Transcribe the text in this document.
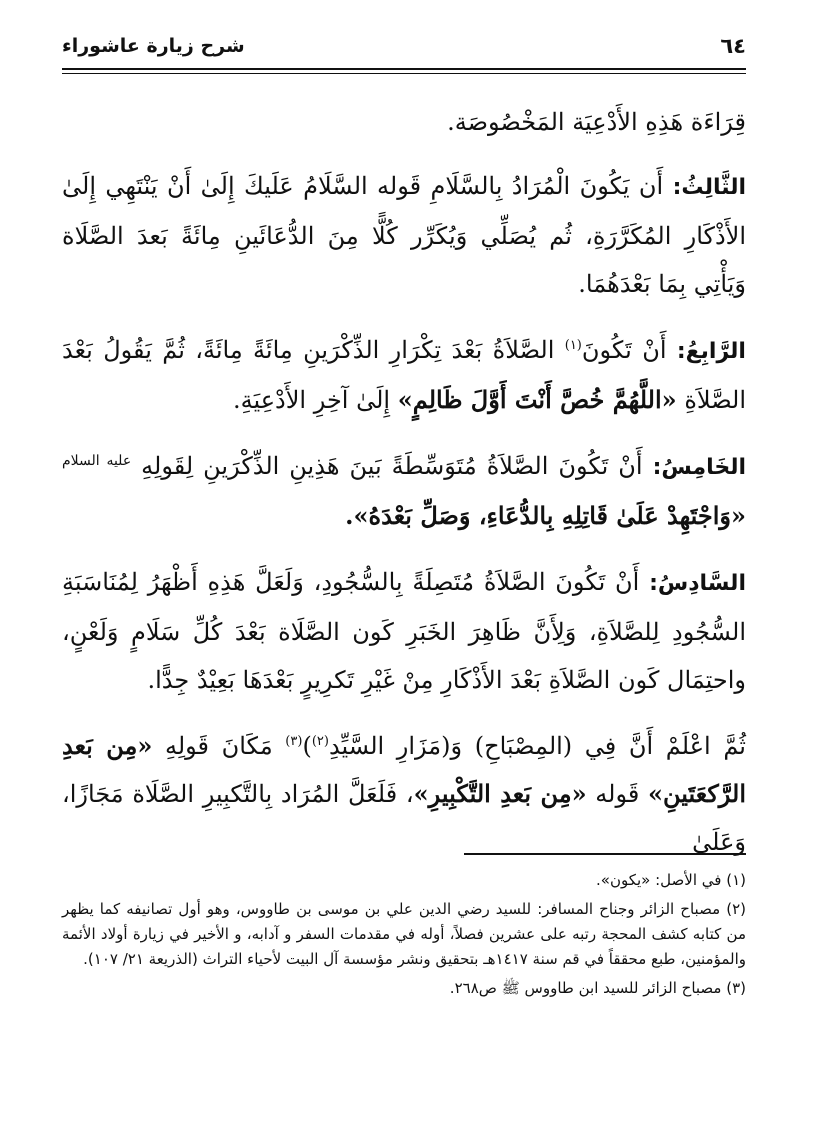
٦٤
شرح زيارة عاشوراء

قِرَاءَة هَذِهِ الأَدْعِيَة المَخْصُوصَة.

الثَّالِثُ: أَن يَكُونَ الْمُرَادُ بِالسَّلَامِ قَوله السَّلَامُ عَلَيكَ إِلَىٰ أَنْ يَنْتَهِي إِلَىٰ الأَذْكَارِ المُكَرَّرَةِ، ثُم يُصَلِّي وَيُكَرِّر كُلًّا مِنَ الدُّعَائَينِ مِائَةً بَعدَ الصَّلَاة وَيَأْتِي بِمَا بَعْدَهُمَا.

الرَّابِعُ: أَنْ تَكُونَ$^{(١)}$ الصَّلاَةُ بَعْدَ تِكْرَارِ الذِّكْرَينِ مِائَةً مِائَةً، ثُمَّ يَقُولُ بَعْدَ الصَّلاَةِ «اللَّهُمَّ خُصَّ أَنْتَ أَوَّلَ ظَالِمٍ» إِلَىٰ آخِرِ الأَدْعِيَةِ.

الخَامِسُ: أَنْ تَكُونَ الصَّلاَةُ مُتَوَسِّطَةً بَينَ هَذِينِ الذِّكْرَينِ لِقَولِهِ $^{عليه السلام}$ «وَاجْتَهِدْ عَلَىٰ قَاتِلِهِ بِالدُّعَاءِ، وَصَلِّ بَعْدَهُ».

السَّادِسُ: أَنْ تَكُونَ الصَّلاَةُ مُتَصِلَةً بِالسُّجُودِ، وَلَعَلَّ هَذِهِ أَظْهَرُ لِمُنَاسَبَةِ السُّجُودِ لِلصَّلاَةِ، وَلِأَنَّ ظَاهِرَ الخَبَرِ كَون الصَّلَاة بَعْدَ كُلِّ سَلَامٍ وَلَعْنٍ، واحتِمَال كَون الصَّلاَةِ بَعْدَ الأَذْكَارِ مِنْ غَيْرِ تَكرِيرٍ بَعْدَهَا بَعِيْدٌ جِدًّا.

ثُمَّ اعْلَمْ أَنَّ فِي (المِصْبَاحِ) وَ(مَزَارِ السَّيِّدِ$^{(٢)}$)$^{(٣)}$ مَكَانَ قَولِهِ «مِن بَعدِ الرَّكعَتَينِ» قَوله «مِن بَعدِ التَّكْبِيرِ»، فَلَعَلَّ المُرَاد بِالتَّكبِيرِ الصَّلَاة مَجَازًا، وَعَلَىٰ

(١) في الأصل: «يكون».

(٢) مصباح الزائر وجناح المسافر: للسيد رضي الدين علي بن موسى بن طاووس، وهو أول تصانيفه كما يظهر من كتابه كشف المحجة رتبه على عشرين فصلاً، أوله في مقدمات السفر و آدابه، و الأخير في زيارة أولاد الأئمة والمؤمنين، طبع محققاً في قم سنة ١٤١٧هـ بتحقيق ونشر مؤسسة آل البيت لأحياء التراث (الذريعة ٢١/ ١٠٧).

(٣) مصباح الزائر للسيد ابن طاووس ﷺ ص٢٦٨.
